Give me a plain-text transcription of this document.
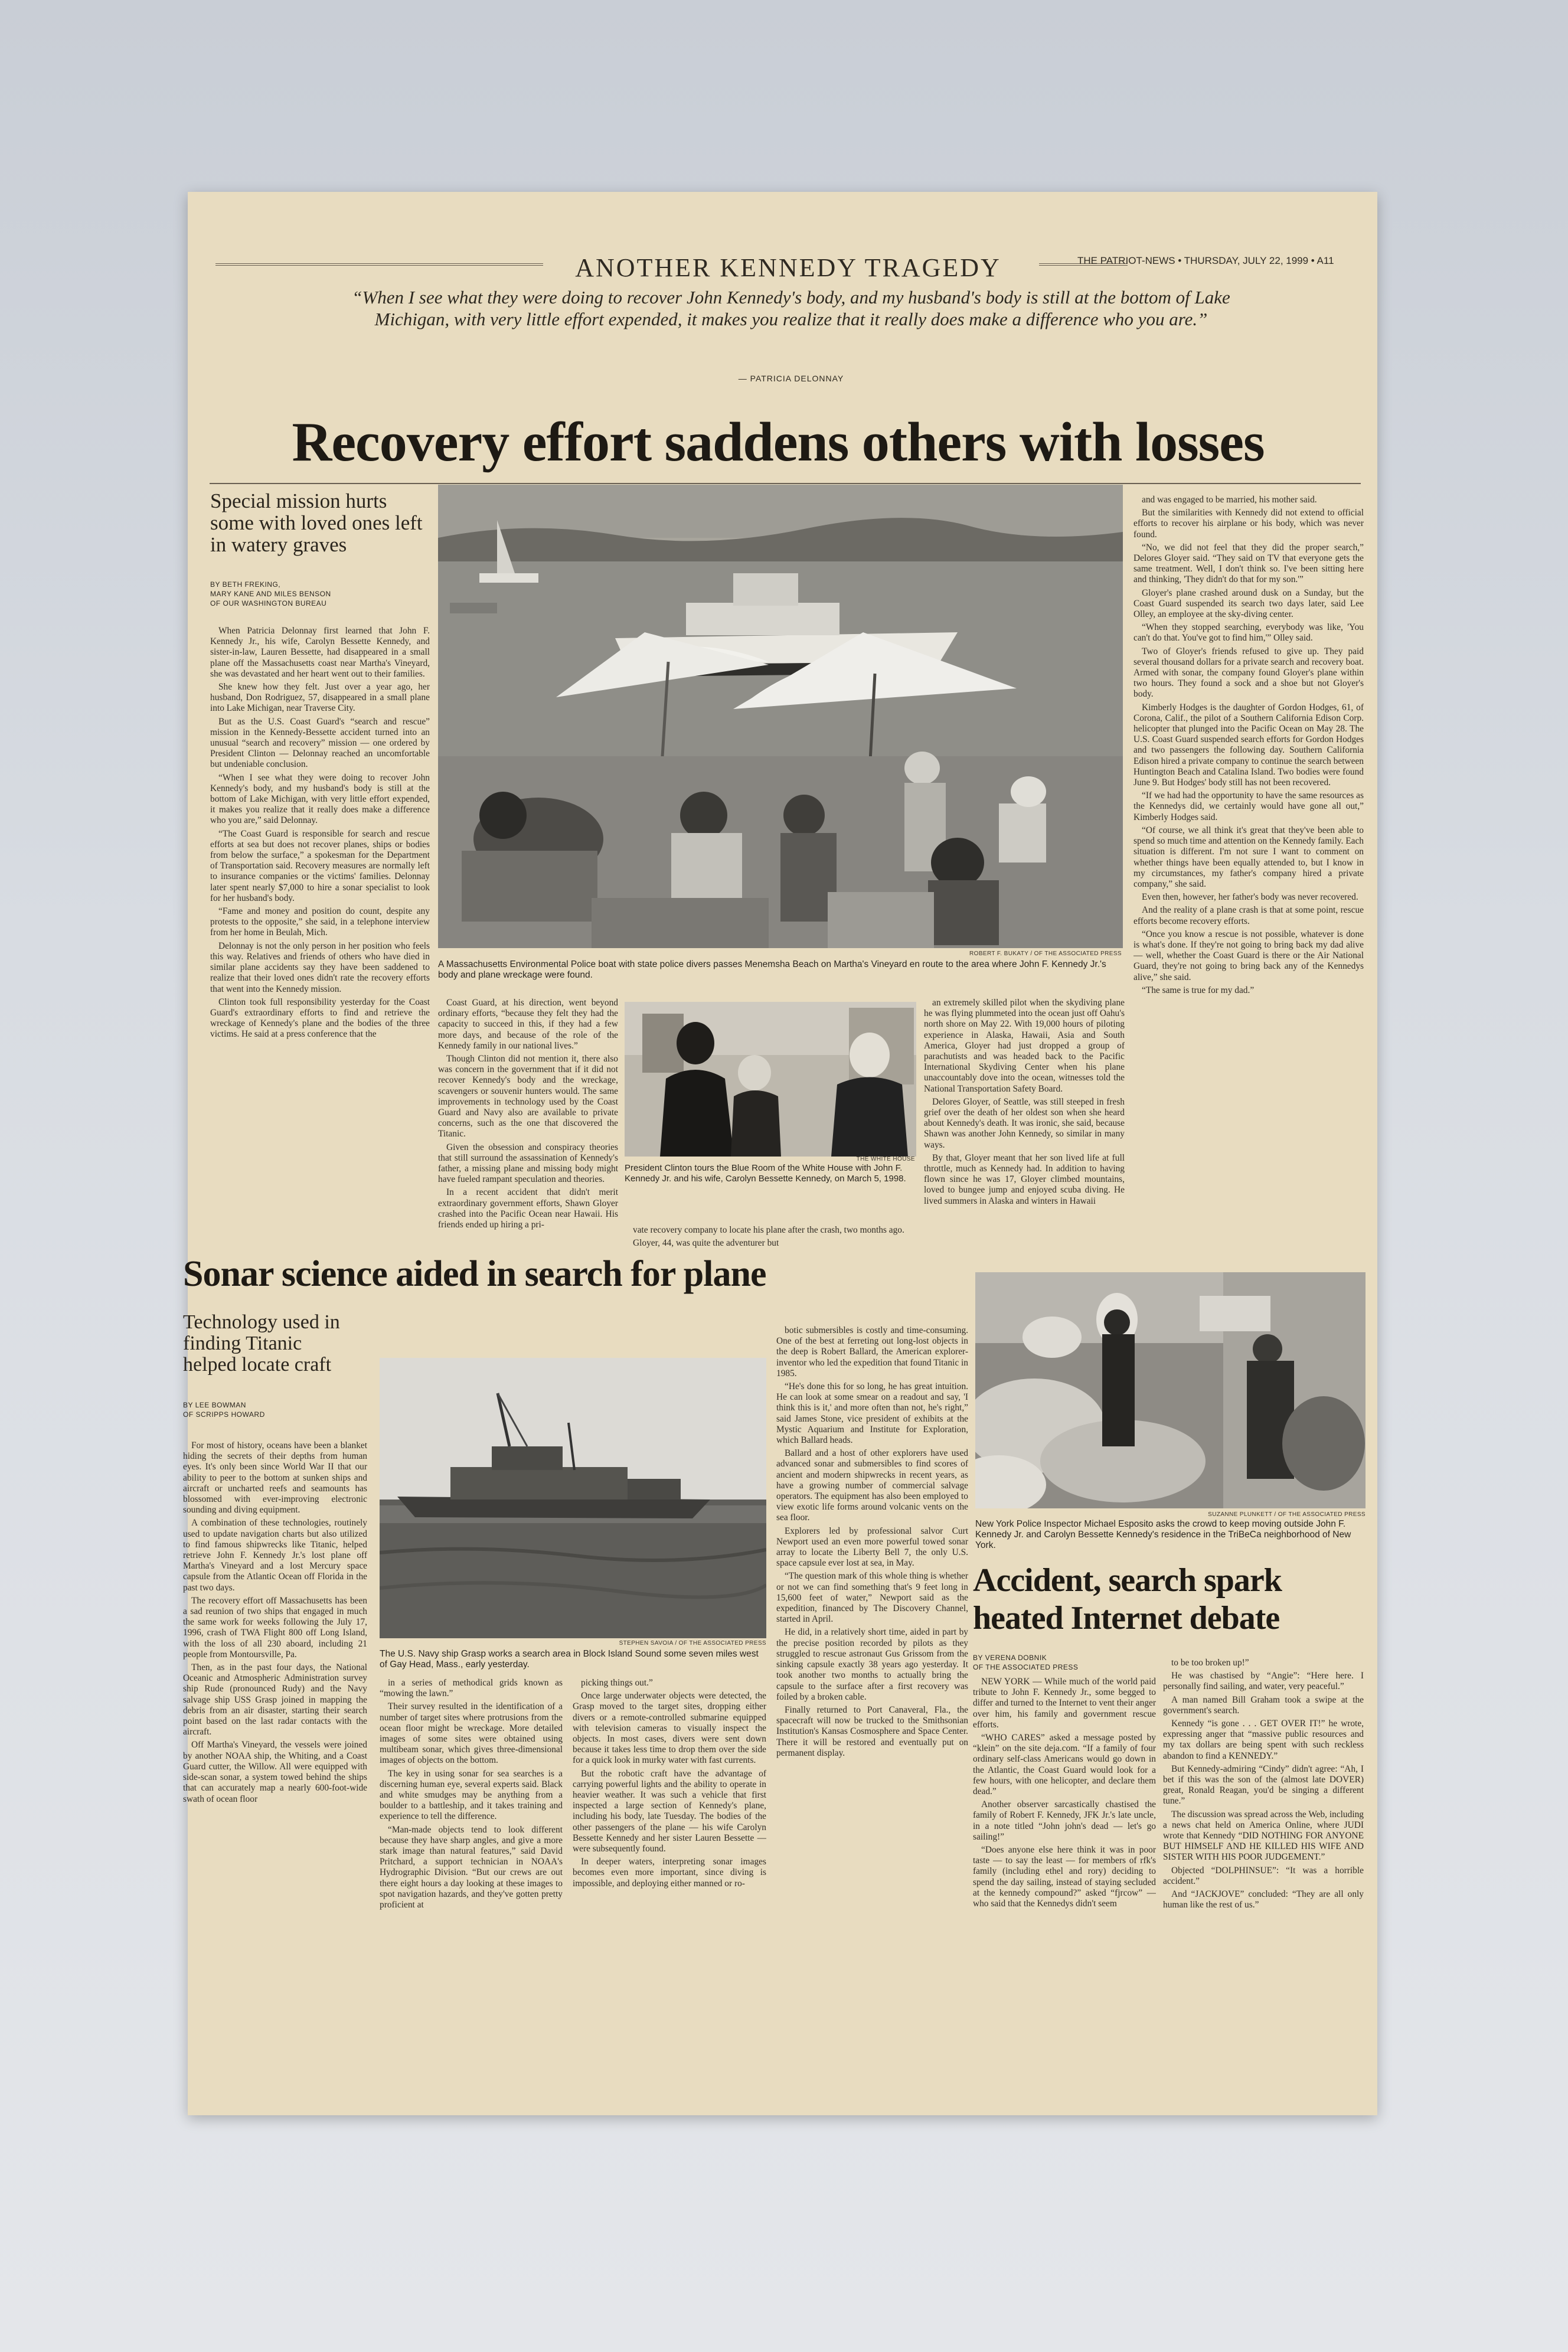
ANOTHER KENNEDY TRAGEDY	THE PATRIOT-NEWS • THURSDAY, JULY 22, 1999 • A11
“When I see what they were doing to recover John Kennedy's body, and my husband's body is still at the bottom of Lake Michigan, with very little effort expended, it makes you realize that it really does make a difference who you are.”
— PATRICIA DELONNAY
Recovery effort saddens others with losses
Special mission hurts some with loved ones left in watery graves
BY BETH FREKING,
MARY KANE AND MILES BENSON
OF OUR WASHINGTON BUREAU

When Patricia Delonnay first learned that John F. Kennedy Jr., his wife, Carolyn Bessette Kennedy, and sister-in-law, Lauren Bessette, had disappeared in a small plane off the Massachusetts coast near Martha's Vineyard, she was devastated and her heart went out to their families.

She knew how they felt. Just over a year ago, her husband, Don Rodriguez, 57, disappeared in a small plane into Lake Michigan, near Traverse City.

But as the U.S. Coast Guard's “search and rescue” mission in the Kennedy-Bessette accident turned into an unusual “search and recovery” mission — one ordered by President Clinton — Delonnay reached an uncomfortable but undeniable conclusion.

“When I see what they were doing to recover John Kennedy's body, and my husband's body is still at the bottom of Lake Michigan, with very little effort expended, it makes you realize that it really does make a difference who you are,” said Delonnay.

“The Coast Guard is responsible for search and rescue efforts at sea but does not recover planes, ships or bodies from below the surface,” a spokesman for the Department of Transportation said. Recovery measures are normally left to insurance companies or the victims' families. Delonnay later spent nearly $7,000 to hire a sonar specialist to look for her husband's body.

“Fame and money and position do count, despite any protests to the opposite,” she said, in a telephone interview from her home in Beulah, Mich.

Delonnay is not the only person in her position who feels this way. Relatives and friends of others who have died in similar plane accidents say they have been saddened to realize that their loved ones didn't rate the recovery efforts that went into the Kennedy mission.

Clinton took full responsibility yesterday for the Coast Guard's extraordinary efforts to find and retrieve the wreckage of Kennedy's plane and the bodies of the three victims. He said at a press conference that the

ROBERT F. BUKATY / OF THE ASSOCIATED PRESS
A Massachusetts Environmental Police boat with state police divers passes Menemsha Beach on Martha's Vineyard en route to the area where John F. Kennedy Jr.'s body and plane wreckage were found.

Coast Guard, at his direction, went beyond ordinary efforts, “because they felt they had the capacity to succeed in this, if they had a few more days, and because of the role of the Kennedy family in our national lives.”

Though Clinton did not mention it, there also was concern in the government that if it did not recover Kennedy's body and the wreckage, scavengers or souvenir hunters would. The same improvements in technology used by the Coast Guard and Navy also are available to private concerns, such as the one that discovered the Titanic.

Given the obsession and conspiracy theories that still surround the assassination of Kennedy's father, a missing plane and missing body might have fueled rampant speculation and theories.

In a recent accident that didn't merit extraordinary government efforts, Shawn Gloyer crashed into the Pacific Ocean near Hawaii. His friends ended up hiring a pri-

President Clinton tours the Blue Room of the White House with John F. Kennedy Jr. and his wife, Carolyn Bessette Kennedy, on March 5, 1998.
THE WHITE HOUSE

vate recovery company to locate his plane after the crash, two months ago.

Gloyer, 44, was quite the adventurer but

an extremely skilled pilot when the skydiving plane he was flying plummeted into the ocean just off Oahu's north shore on May 22. With 19,000 hours of piloting experience in Alaska, Hawaii, Asia and South America, Gloyer had just dropped a group of parachutists and was headed back to the Pacific International Skydiving Center when his plane unaccountably dove into the ocean, witnesses told the National Transportation Safety Board.

Delores Gloyer, of Seattle, was still steeped in fresh grief over the death of her oldest son when she heard about Kennedy's death. It was ironic, she said, because Shawn was another John Kennedy, so similar in many ways.

By that, Gloyer meant that her son lived life at full throttle, much as Kennedy had. In addition to having flown since he was 17, Gloyer climbed mountains, loved to bungee jump and enjoyed scuba diving. He lived summers in Alaska and winters in Hawaii

and was engaged to be married, his mother said.

But the similarities with Kennedy did not extend to official efforts to recover his airplane or his body, which was never found.

“No, we did not feel that they did the proper search,” Delores Gloyer said. “They said on TV that everyone gets the same treatment. Well, I don't think so. I've been sitting here and thinking, 'They didn't do that for my son.'”

Gloyer's plane crashed around dusk on a Sunday, but the Coast Guard suspended its search two days later, said Lee Olley, an employee at the sky-diving center.

“When they stopped searching, everybody was like, 'You can't do that. You've got to find him,'” Olley said.

Two of Gloyer's friends refused to give up. They paid several thousand dollars for a private search and recovery boat. Armed with sonar, the company found Gloyer's plane within two hours. They found a sock and a shoe but not Gloyer's body.

Kimberly Hodges is the daughter of Gordon Hodges, 61, of Corona, Calif., the pilot of a Southern California Edison Corp. helicopter that plunged into the Pacific Ocean on May 28. The U.S. Coast Guard suspended search efforts for Gordon Hodges and two passengers the following day. Southern California Edison hired a private company to continue the search between Huntington Beach and Catalina Island. Two bodies were found June 9. But Hodges' body still has not been recovered.

“If we had had the opportunity to have the same resources as the Kennedys did, we certainly would have gone all out,” Kimberly Hodges said.

“Of course, we all think it's great that they've been able to spend so much time and attention on the Kennedy family. Each situation is different. I'm not sure I want to comment on whether things have been equally attended to, but I know in my circumstances, my father's company hired a private company,” she said.

Even then, however, her father's body was never recovered.

And the reality of a plane crash is that at some point, rescue efforts become recovery efforts.

“Once you know a rescue is not possible, whatever is done is what's done. If they're not going to bring back my dad alive — well, whether the Coast Guard is there or the Air National Guard, they're not going to bring back any of the Kennedys alive,” she said.

“The same is true for my dad.”

Sonar science aided in search for plane
Technology used in finding Titanic helped locate craft
BY LEE BOWMAN
OF SCRIPPS HOWARD

For most of history, oceans have been a blanket hiding the secrets of their depths from human eyes. It's only been since World War II that our ability to peer to the bottom at sunken ships and aircraft or uncharted reefs and seamounts has blossomed with ever-improving electronic sounding and diving equipment.

A combination of these technologies, routinely used to update navigation charts but also utilized to find famous shipwrecks like Titanic, helped retrieve John F. Kennedy Jr.'s lost plane off Martha's Vineyard and a lost Mercury space capsule from the Atlantic Ocean off Florida in the past two days.

The recovery effort off Massachusetts has been a sad reunion of two ships that engaged in much the same work for weeks following the July 17, 1996, crash of TWA Flight 800 off Long Island, with the loss of all 230 aboard, including 21 people from Montoursville, Pa.

Then, as in the past four days, the National Oceanic and Atmospheric Administration survey ship Rude (pronounced Rudy) and the Navy salvage ship USS Grasp joined in mapping the debris from an air disaster, starting their search point based on the last radar contacts with the aircraft.

Off Martha's Vineyard, the vessels were joined by another NOAA ship, the Whiting, and a Coast Guard cutter, the Willow. All were equipped with side-scan sonar, a system towed behind the ships that can accurately map a nearly 600-foot-wide swath of ocean floor

STEPHEN SAVOIA / OF THE ASSOCIATED PRESS
The U.S. Navy ship Grasp works a search area in Block Island Sound some seven miles west of Gay Head, Mass., early yesterday.

in a series of methodical grids known as “mowing the lawn.”

Their survey resulted in the identification of a number of target sites where protrusions from the ocean floor might be wreckage. More detailed images of some sites were obtained using multibeam sonar, which gives three-dimensional images of objects on the bottom.

The key in using sonar for sea searches is a discerning human eye, several experts said. Black and white smudges may be anything from a boulder to a battleship, and it takes training and experience to tell the difference.

“Man-made objects tend to look different because they have sharp angles, and give a more stark image than natural features,” said David Pritchard, a support technician in NOAA's Hydrographic Division. “But our crews are out there eight hours a day looking at these images to spot navigation hazards, and they've gotten pretty proficient at

picking things out.”

Once large underwater objects were detected, the Grasp moved to the target sites, dropping either divers or a remote-controlled submarine equipped with television cameras to visually inspect the objects. In most cases, divers were sent down because it takes less time to drop them over the side for a quick look in murky water with fast currents.

But the robotic craft have the advantage of carrying powerful lights and the ability to operate in heavier weather. It was such a vehicle that first inspected a large section of Kennedy's plane, including his body, late Tuesday. The bodies of the other passengers of the plane — his wife Carolyn Bessette Kennedy and her sister Lauren Bessette — were subsequently found.

In deeper waters, interpreting sonar images becomes even more important, since diving is impossible, and deploying either manned or ro-

botic submersibles is costly and time-consuming. One of the best at ferreting out long-lost objects in the deep is Robert Ballard, the American explorer-inventor who led the expedition that found Titanic in 1985.

“He's done this for so long, he has great intuition. He can look at some smear on a readout and say, 'I think this is it,' and more often than not, he's right,” said James Stone, vice president of exhibits at the Mystic Aquarium and Institute for Exploration, which Ballard heads.

Ballard and a host of other explorers have used advanced sonar and submersibles to find scores of ancient and modern shipwrecks in recent years, as have a growing number of commercial salvage operators. The equipment has also been employed to view exotic life forms around volcanic vents on the sea floor.

Explorers led by professional salvor Curt Newport used an even more powerful towed sonar array to locate the Liberty Bell 7, the only U.S. space capsule ever lost at sea, in May.

“The question mark of this whole thing is whether or not we can find something that's 9 feet long in 15,600 feet of water,” Newport said as the expedition, financed by The Discovery Channel, started in April.

He did, in a relatively short time, aided in part by the precise position recorded by pilots as they struggled to rescue astronaut Gus Grissom from the sinking capsule exactly 38 years ago yesterday. It took another two months to actually bring the capsule to the surface after a first recovery was foiled by a broken cable.

Finally returned to Port Canaveral, Fla., the spacecraft will now be trucked to the Smithsonian Institution's Kansas Cosmosphere and Space Center. There it will be restored and eventually put on permanent display.

SUZANNE PLUNKETT / OF THE ASSOCIATED PRESS
New York Police Inspector Michael Esposito asks the crowd to keep moving outside John F. Kennedy Jr. and Carolyn Bessette Kennedy's residence in the TriBeCa neighborhood of New York.
Accident, search spark
heated Internet debate
BY VERENA DOBNIK
OF THE ASSOCIATED PRESS

NEW YORK — While much of the world paid tribute to John F. Kennedy Jr., some begged to differ and turned to the Internet to vent their anger over him, his family and government rescue efforts.

“WHO CARES” asked a message posted by “klein” on the site deja.com. “If a family of four ordinary self-class Americans would go down in the Atlantic, the Coast Guard would look for a few hours, with one helicopter, and declare them dead.”

Another observer sarcastically chastised the family of Robert F. Kennedy, JFK Jr.'s late uncle, in a note titled “John john's dead — let's go sailing!”

“Does anyone else here think it was in poor taste — to say the least — for members of rfk's family (including ethel and rory) deciding to spend the day sailing, instead of staying secluded at the kennedy compound?” asked “fjrcow” — who said that the Kennedys didn't seem

to be too broken up!”

He was chastised by “Angie”: “Here here. I personally find sailing, and water, very peaceful.”

A man named Bill Graham took a swipe at the government's search.

Kennedy “is gone . . . GET OVER IT!” he wrote, expressing anger that “massive public resources and my tax dollars are being spent with such reckless abandon to find a KENNEDY.”

But Kennedy-admiring “Cindy” didn't agree: “Ah, I bet if this was the son of the (almost late DOVER) great, Ronald Reagan, you'd be singing a different tune.”

The discussion was spread across the Web, including a news chat held on America Online, where JUDI wrote that Kennedy “DID NOTHING FOR ANYONE BUT HIMSELF AND HE KILLED HIS WIFE AND SISTER WITH HIS POOR JUDGEMENT.”

Objected “DOLPHINSUE”: “It was a horrible accident.”

And “JACKJOVE” concluded: “They are all only human like the rest of us.”
